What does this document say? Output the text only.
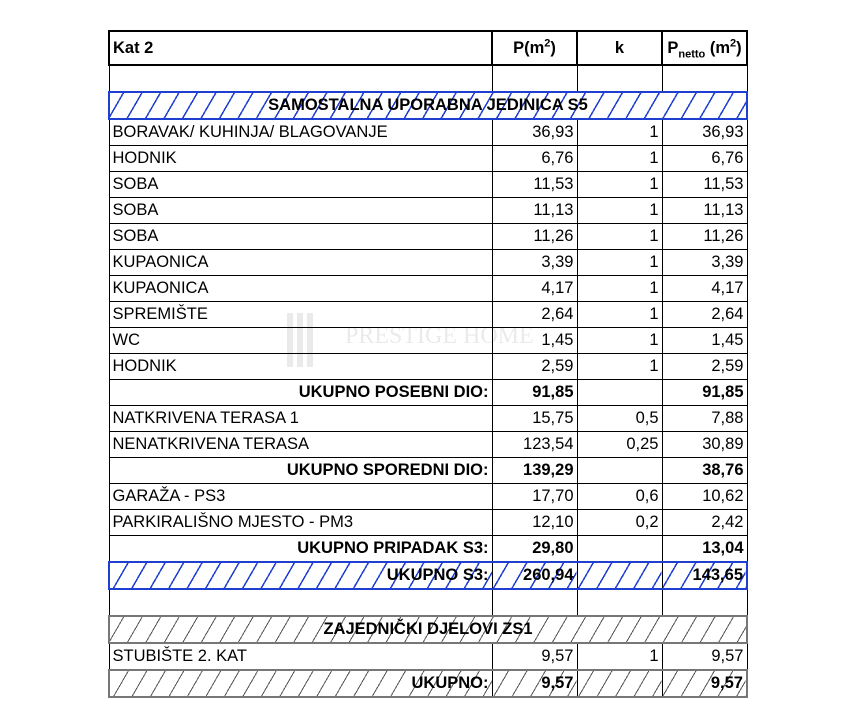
PRESTIGE HOME
Kat 2	$P(m^2)$	k	$P_{netto}$ $(m^2)$

SAMOSTALNA UPORABNA JEDINICA S5			
BORAVAK/ KUHINJA/ BLAGOVANJE	36,93	1	36,93
HODNIK	6,76	1	6,76
SOBA	11,53	1	11,53
SOBA	11,13	1	11,13
SOBA	11,26	1	11,26
KUPAONICA	3,39	1	3,39
KUPAONICA	4,17	1	4,17
SPREMIŠTE	2,64	1	2,64
WC	1,45	1	1,45
HODNIK	2,59	1	2,59
UKUPNO POSEBNI DIO:	91,85		91,85
NATKRIVENA TERASA 1	15,75	0,5	7,88
NENATKRIVENA TERASA	123,54	0,25	30,89
UKUPNO SPOREDNI DIO:	139,29		38,76
GARAŽA - PS3	17,70	0,6	10,62
PARKIRALIŠNO MJESTO - PM3	12,10	0,2	2,42
UKUPNO PRIPADAK S3:	29,80		13,04
UKUPNO S3:	260,94		143,65

ZAJEDNIČKI DJELOVI ZS1			
STUBIŠTE 2. KAT	9,57	1	9,57
UKUPNO:	9,57		9,57
